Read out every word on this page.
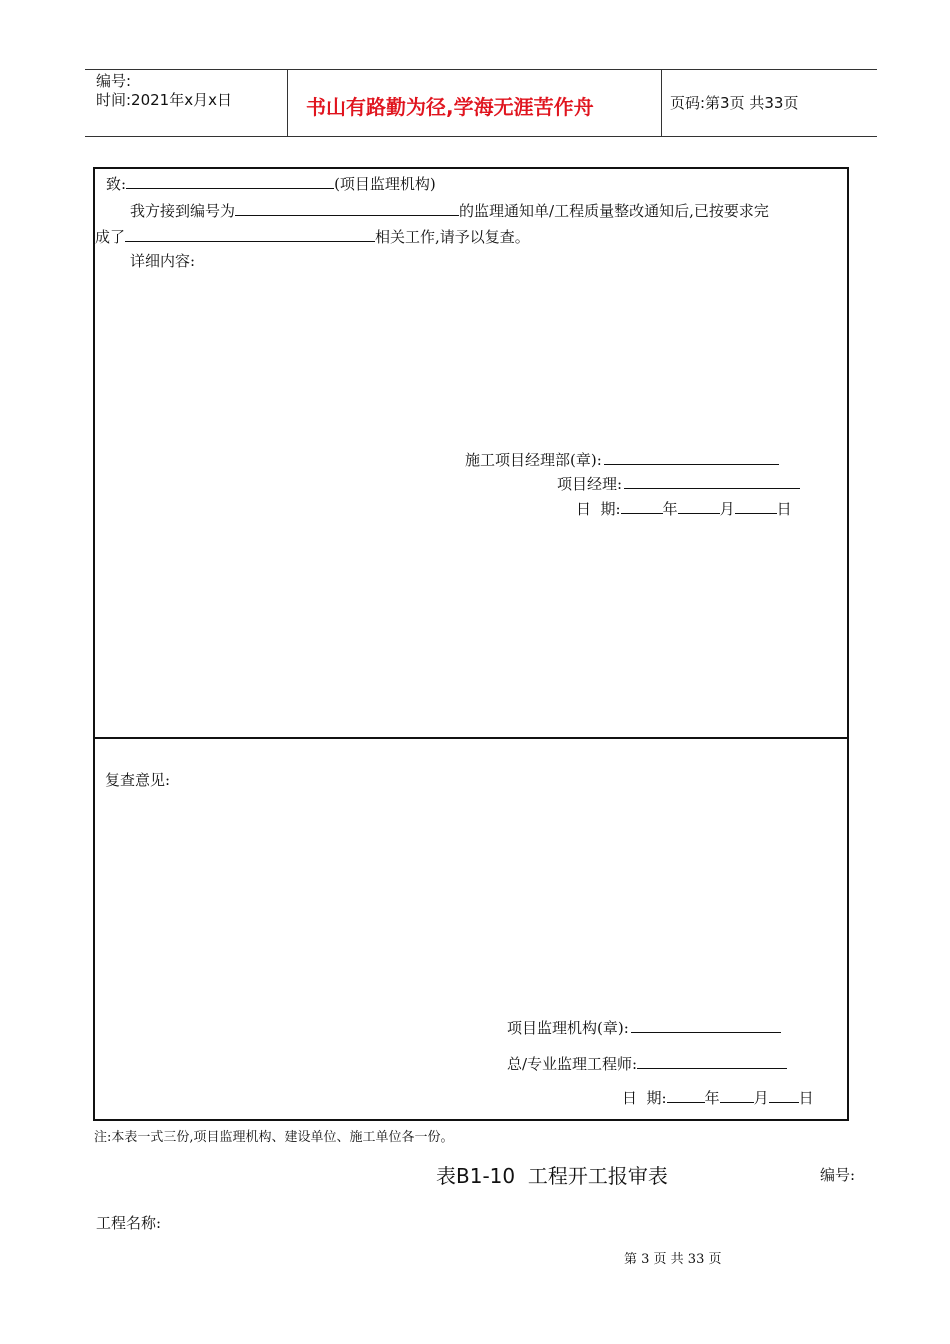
编号:
时间:2021年x月x日	书山有路勤为径,学海无涯苦作舟	页码:第3页 共33页
致:	(项目监理机构)
我方接到编号为	的监理通知单/工程质量整改通知后,已按要求完
成了	相关工作,请予以复查。
详细内容:
施工项目经理部(章):
项目经理:
日  期:	年	月	日
复查意见:
项目监理机构(章):
总/专业监理工程师:
日  期:	年 月 日
注:本表一式三份,项目监理机构、建设单位、施工单位各一份。
表B1-10  工程开工报审表	编号:
工程名称:
第 3 页 共 33 页
